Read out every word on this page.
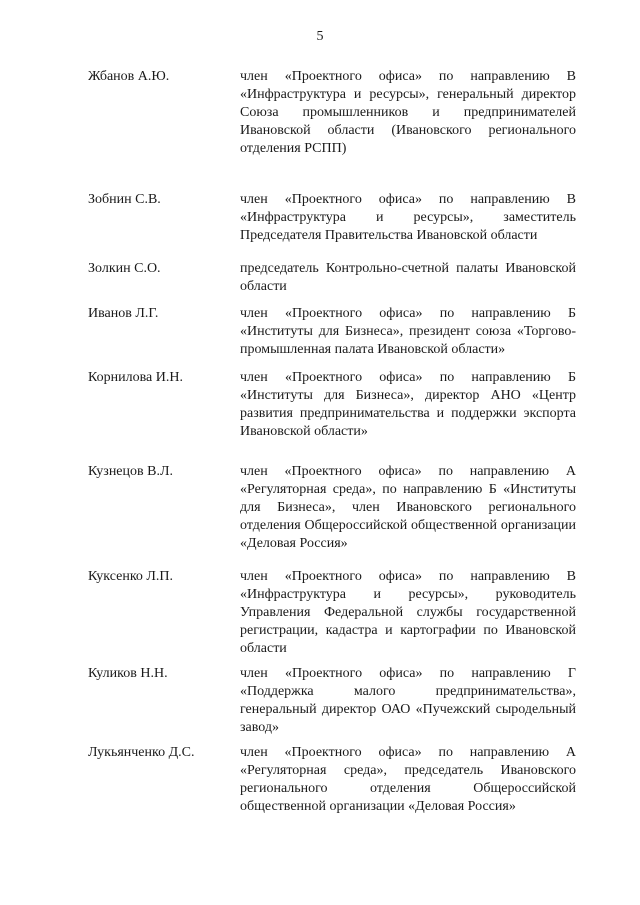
5
Жбанов А.Ю.	член «Проектного офиса» по направлению В «Инфраструктура и ресурсы», генеральный директор Союза промышленников и предпринимателей Ивановской области (Ивановского регионального отделения РСПП)
Зобнин С.В.	член «Проектного офиса» по направлению В «Инфраструктура и ресурсы», заместитель Председателя Правительства Ивановской области
Золкин С.О.	председатель Контрольно-счетной палаты Ивановской области
Иванов Л.Г.	член «Проектного офиса» по направлению Б «Институты для Бизнеса», президент союза «Торгово-промышленная палата Ивановской области»
Корнилова И.Н.	член «Проектного офиса» по направлению Б «Институты для Бизнеса», директор АНО «Центр развития предпринимательства и поддержки экспорта Ивановской области»
Кузнецов В.Л.	член «Проектного офиса» по направлению А «Регуляторная среда», по направлению Б «Институты для Бизнеса», член Ивановского регионального отделения Общероссийской общественной организации «Деловая Россия»
Куксенко Л.П.	член «Проектного офиса» по направлению В «Инфраструктура и ресурсы», руководитель Управления Федеральной службы государственной регистрации, кадастра и картографии по Ивановской области
Куликов Н.Н.	член «Проектного офиса» по направлению Г «Поддержка малого предпринимательства», генеральный директор ОАО «Пучежский сыродельный завод»
Лукьянченко Д.С.	член «Проектного офиса» по направлению А «Регуляторная среда», председатель Ивановского регионального отделения Общероссийской общественной организации «Деловая Россия»
